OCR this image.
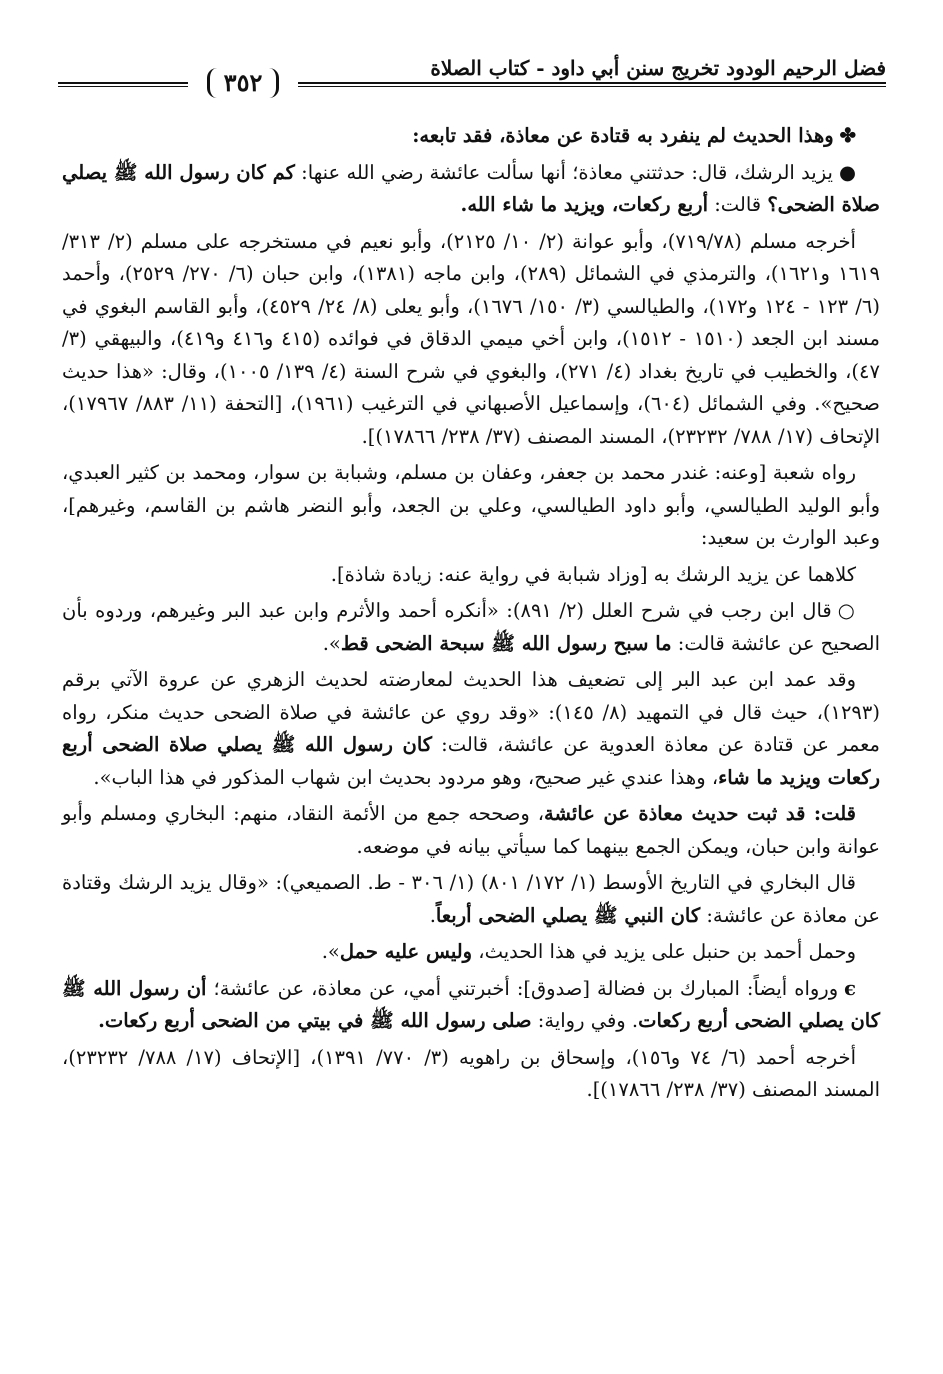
فضل الرحيم الودود تخريج سنن أبي داود - كتاب الصلاة
٣٥٢

✤وهذا الحديث لم ينفرد به قتادة عن معاذة، فقد تابعه:

●يزيد الرشك، قال: حدثتني معاذة؛ أنها سألت عائشة رضي الله عنها: كم كان رسول الله ﷺ يصلي صلاة الضحى؟ قالت: أربع ركعات، ويزيد ما شاء الله.

أخرجه مسلم (٧١٩/٧٨)، وأبو عوانة (٢/ ١٠/ ٢١٢٥)، وأبو نعيم في مستخرجه على مسلم (٢/ ٣١٣/ ١٦١٩ و١٦٢١)، والترمذي في الشمائل (٢٨٩)، وابن ماجه (١٣٨١)، وابن حبان (٦/ ٢٧٠/ ٢٥٢٩)، وأحمد (٦/ ١٢٣ - ١٢٤ و١٧٢)، والطيالسي (٣/ ١٥٠/ ١٦٧٦)، وأبو يعلى (٨/ ٢٤/ ٤٥٢٩)، وأبو القاسم البغوي في مسند ابن الجعد (١٥١٠ - ١٥١٢)، وابن أخي ميمي الدقاق في فوائده (٤١٥ و٤١٦ و٤١٩)، والبيهقي (٣/ ٤٧)، والخطيب في تاريخ بغداد (٤/ ٢٧١)، والبغوي في شرح السنة (٤/ ١٣٩/ ١٠٠٥)، وقال: «هذا حديث صحيح». وفي الشمائل (٦٠٤)، وإسماعيل الأصبهاني في الترغيب (١٩٦١)، [التحفة (١١/ ٨٨٣/ ١٧٩٦٧)، الإتحاف (١٧/ ٧٨٨/ ٢٣٢٣٢)، المسند المصنف (٣٧/ ٢٣٨/ ١٧٨٦٦)].

رواه شعبة [وعنه: غندر محمد بن جعفر، وعفان بن مسلم، وشبابة بن سوار، ومحمد بن كثير العبدي، وأبو الوليد الطيالسي، وأبو داود الطيالسي، وعلي بن الجعد، وأبو النضر هاشم بن القاسم، وغيرهم]، وعبد الوارث بن سعيد:

كلاهما عن يزيد الرشك به [وزاد شبابة في رواية عنه: زيادة شاذة].

○قال ابن رجب في شرح العلل (٢/ ٨٩١): «أنكره أحمد والأثرم وابن عبد البر وغيرهم، وردوه بأن الصحيح عن عائشة قالت: ما سبح رسول الله ﷺ سبحة الضحى قط».

وقد عمد ابن عبد البر إلى تضعيف هذا الحديث لمعارضته لحديث الزهري عن عروة الآتي برقم (١٢٩٣)، حيث قال في التمهيد (٨/ ١٤٥): «وقد روي عن عائشة في صلاة الضحى حديث منكر، رواه معمر عن قتادة عن معاذة العدوية عن عائشة، قالت: كان رسول الله ﷺ يصلي صلاة الضحى أربع ركعات ويزيد ما شاء، وهذا عندي غير صحيح، وهو مردود بحديث ابن شهاب المذكور في هذا الباب».

قلت: قد ثبت حديث معاذة عن عائشة، وصححه جمع من الأئمة النقاد، منهم: البخاري ومسلم وأبو عوانة وابن حبان، ويمكن الجمع بينهما كما سيأتي بيانه في موضعه.

قال البخاري في التاريخ الأوسط (١/ ١٧٢/ ٨٠١) (١/ ٣٠٦ - ط. الصميعي): «وقال يزيد الرشك وقتادة عن معاذة عن عائشة: كان النبي ﷺ يصلي الضحى أربعاً.

وحمل أحمد بن حنبل على يزيد في هذا الحديث، وليس عليه حمل».

ϵورواه أيضاً: المبارك بن فضالة [صدوق]: أخبرتني أمي، عن معاذة، عن عائشة؛ أن رسول الله ﷺ كان يصلي الضحى أربع ركعات. وفي رواية: صلى رسول الله ﷺ في بيتي من الضحى أربع ركعات.

أخرجه أحمد (٦/ ٧٤ و١٥٦)، وإسحاق بن راهويه (٣/ ٧٧٠/ ١٣٩١)، [الإتحاف (١٧/ ٧٨٨/ ٢٣٢٣٢)، المسند المصنف (٣٧/ ٢٣٨/ ١٧٨٦٦)].
